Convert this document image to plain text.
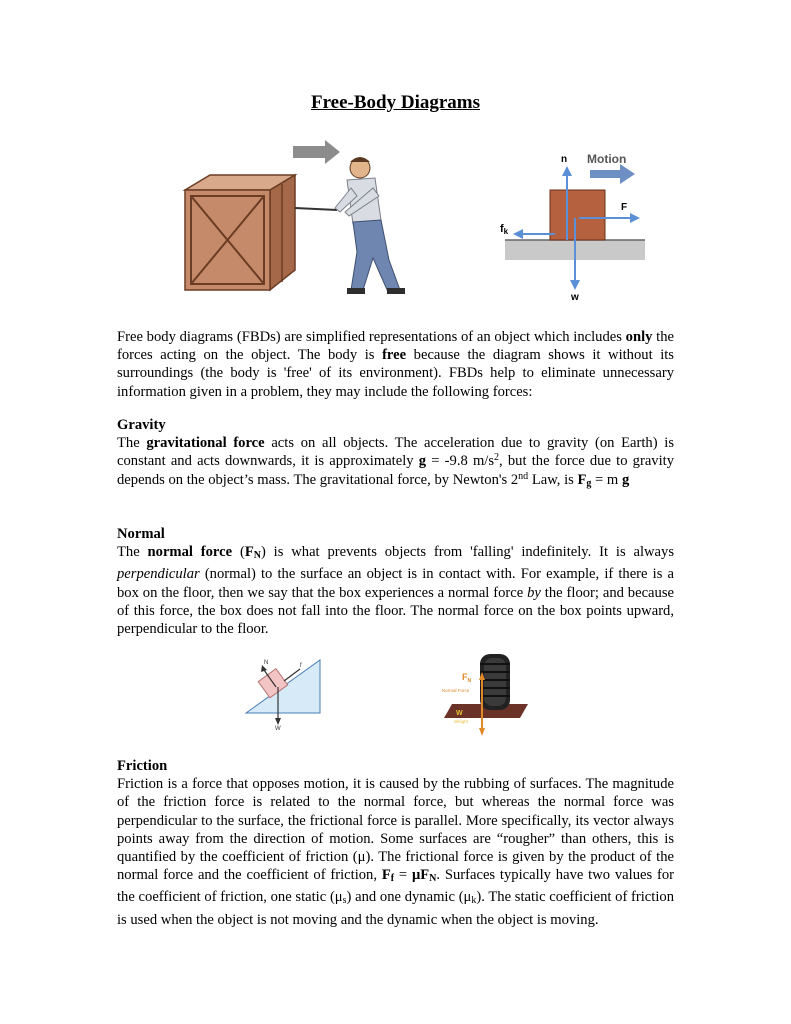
Free-Body Diagrams
Motion
n
F
fk
w

Free body diagrams (FBDs) are simplified representations of an object which includes only the forces acting on the object. The body is free because the diagram shows it without its surroundings (the body is 'free' of its environment). FBDs help to eliminate unnecessary information given in a problem, they may include the following forces:

Gravity

The gravitational force acts on all objects. The acceleration due to gravity (on Earth) is constant and acts downwards, it is approximately g = -9.8 $m/s^2$, but the force due to gravity depends on the object’s mass. The gravitational force, by Newton's 2nd Law, is $F_g = m$ g

Normal

The normal force $(F_N)$ is what prevents objects from 'falling' indefinitely. It is always perpendicular (normal) to the surface an object is in contact with. For example, if there is a box on the floor, then we say that the box experiences a normal force by the floor; and because of this force, the box does not fall into the floor. The normal force on the box points upward, perpendicular to the floor.

N	f
W
$F_N$
Normal Force
W
Weight

Friction

Friction is a force that opposes motion, it is caused by the rubbing of surfaces. The magnitude of the friction force is related to the normal force, but whereas the normal force was perpendicular to the surface, the frictional force is parallel. More specifically, its vector always points away from the direction of motion. Some surfaces are “rougher” than others, this is quantified by the coefficient of friction (μ). The frictional force is given by the product of the normal force and the coefficient of friction, $F_f = \mu F_N$. Surfaces typically have two values for the coefficient of friction, one static $(\mu_s)$ and one dynamic $(\mu_k)$. The static coefficient of friction is used when the object is not moving and the dynamic when the object is moving.
